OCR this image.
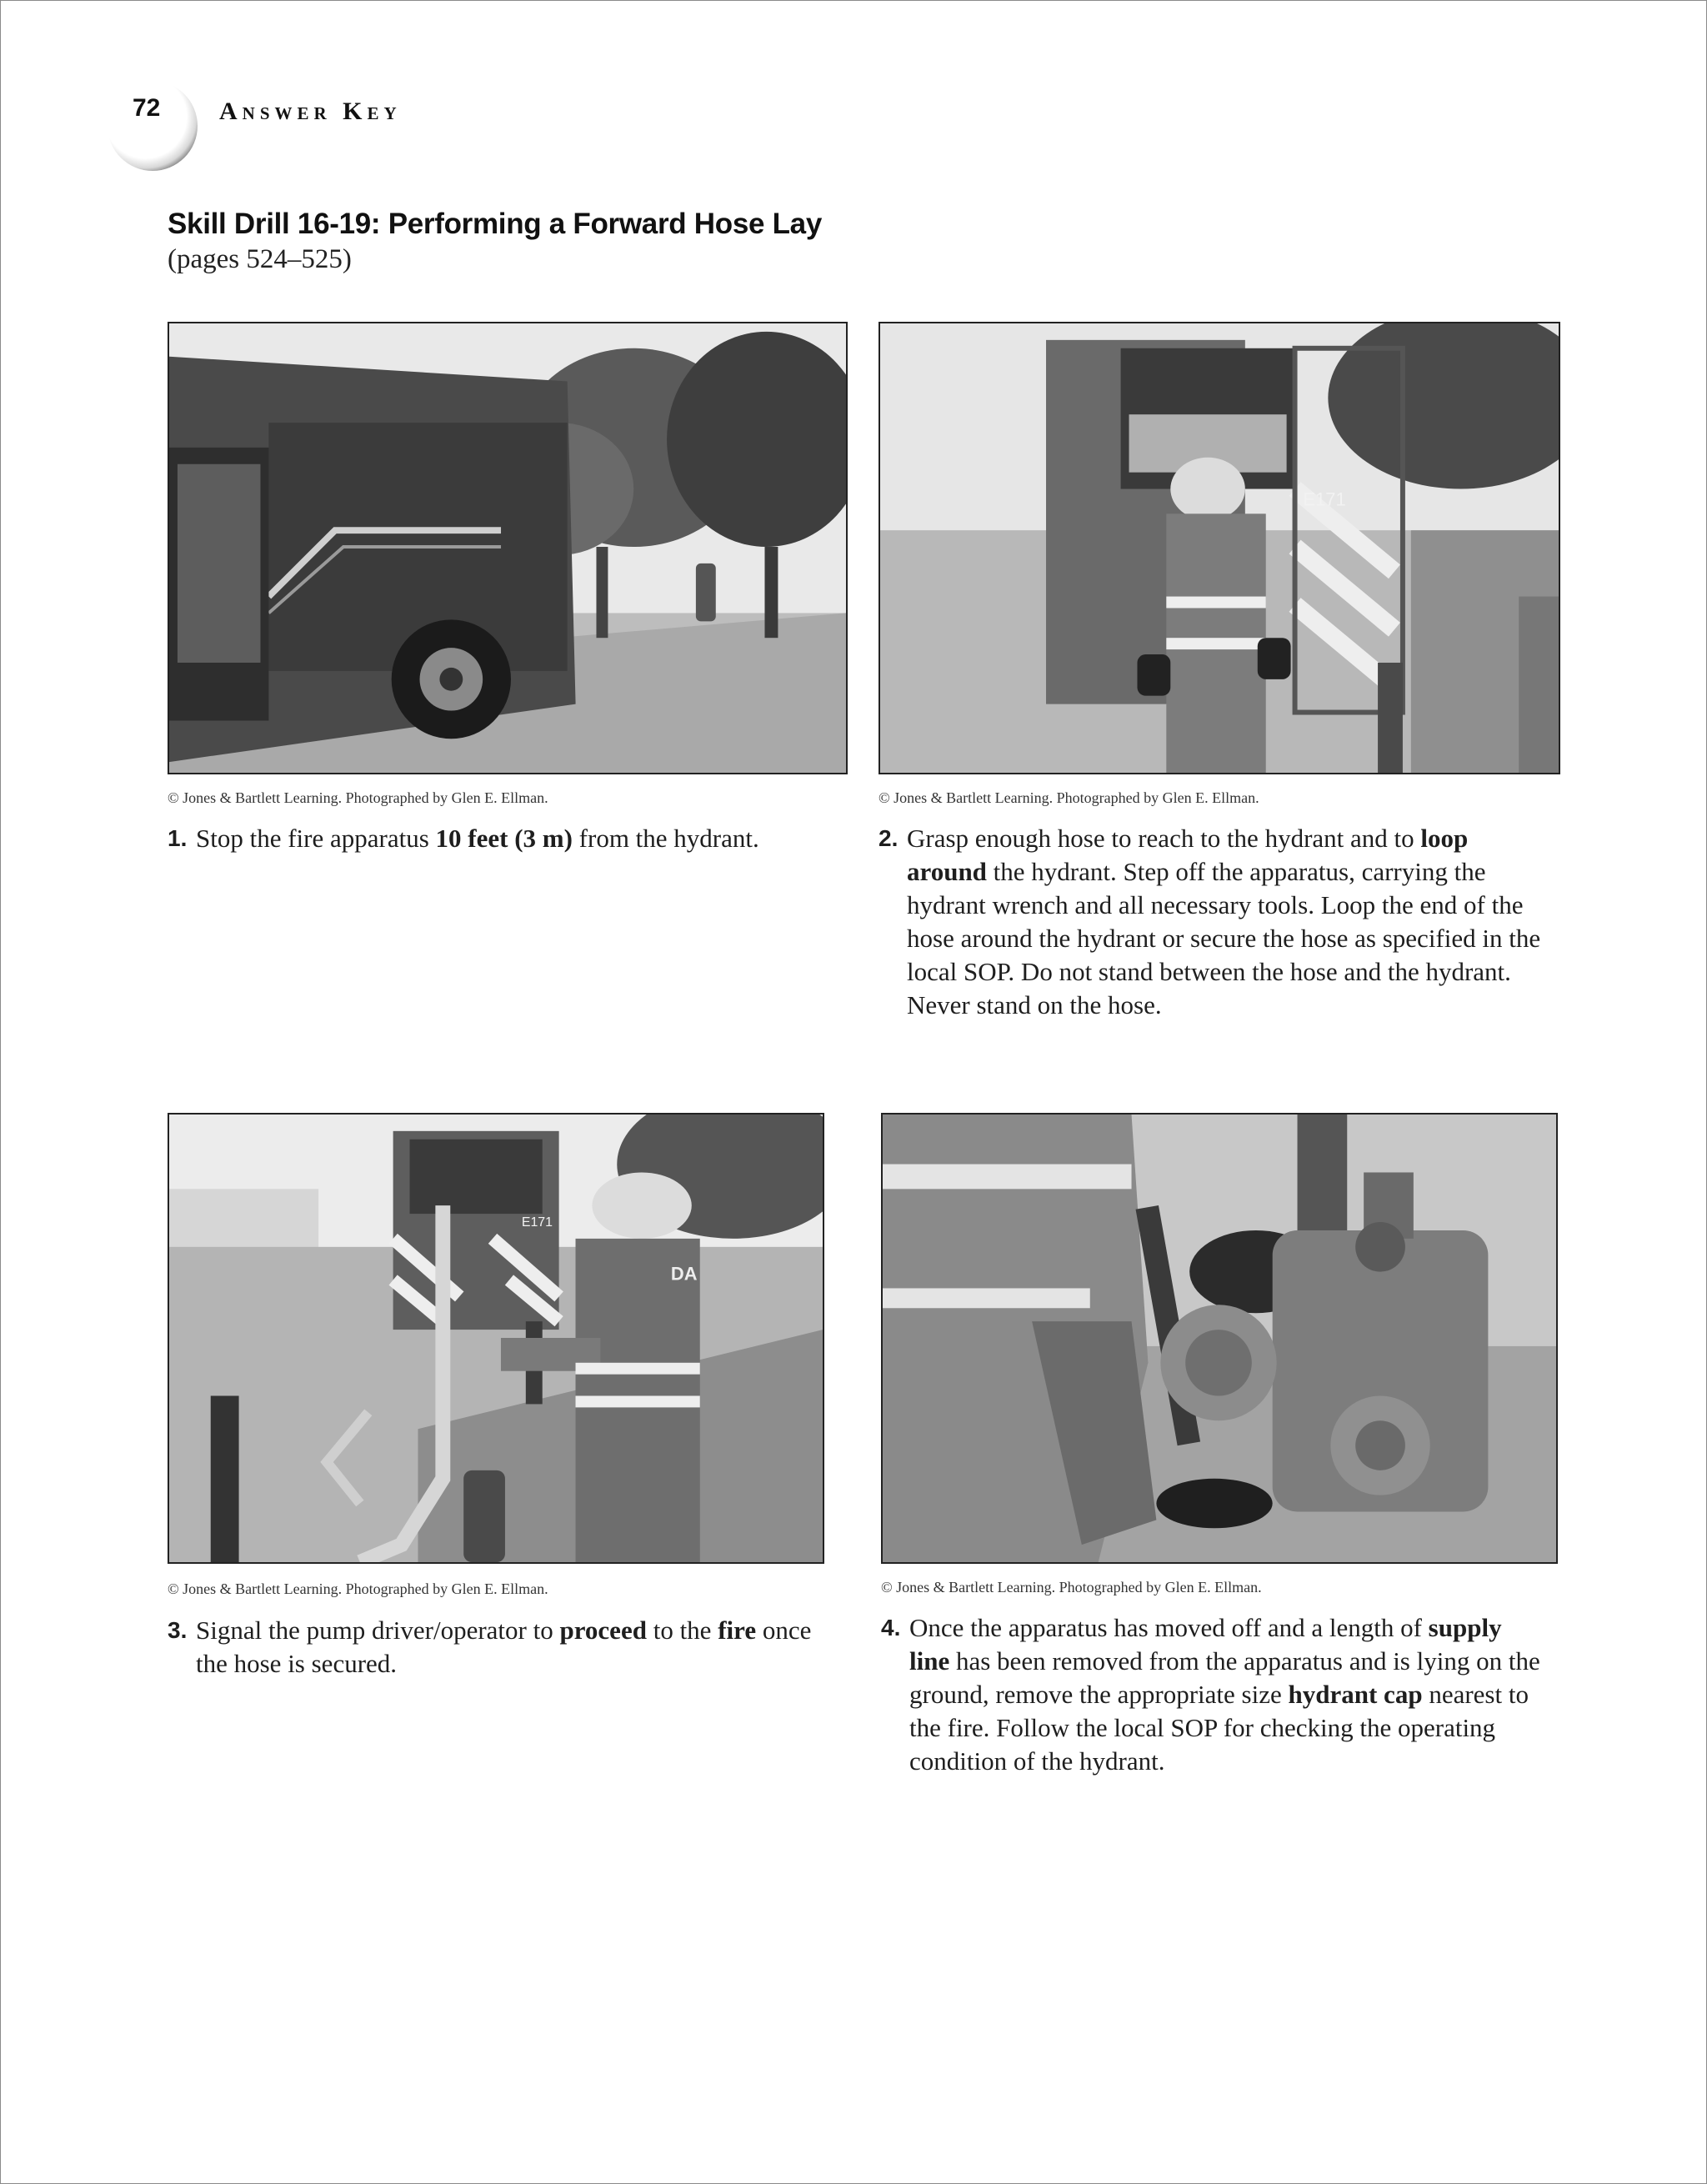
72 Answer Key
Skill Drill 16-19: Performing a Forward Hose Lay
(pages 524–525)
© Jones & Bartlett Learning. Photographed by Glen E. Ellman.
1. Stop the fire apparatus 10 feet (3 m) from the hydrant.
E171
© Jones & Bartlett Learning. Photographed by Glen E. Ellman.
2. Grasp enough hose to reach to the hydrant and to loop around the hydrant. Step off the apparatus, carrying the hydrant wrench and all necessary tools. Loop the end of the hose around the hydrant or secure the hose as specified in the local SOP. Do not stand between the hose and the hydrant. Never stand on the hose.
E171
DA
© Jones & Bartlett Learning. Photographed by Glen E. Ellman.
3. Signal the pump driver/operator to proceed to the fire once the hose is secured.
© Jones & Bartlett Learning. Photographed by Glen E. Ellman.
4. Once the apparatus has moved off and a length of supply line has been removed from the apparatus and is lying on the ground, remove the appropriate size hydrant cap nearest to the fire. Follow the local SOP for checking the operating condition of the hydrant.
